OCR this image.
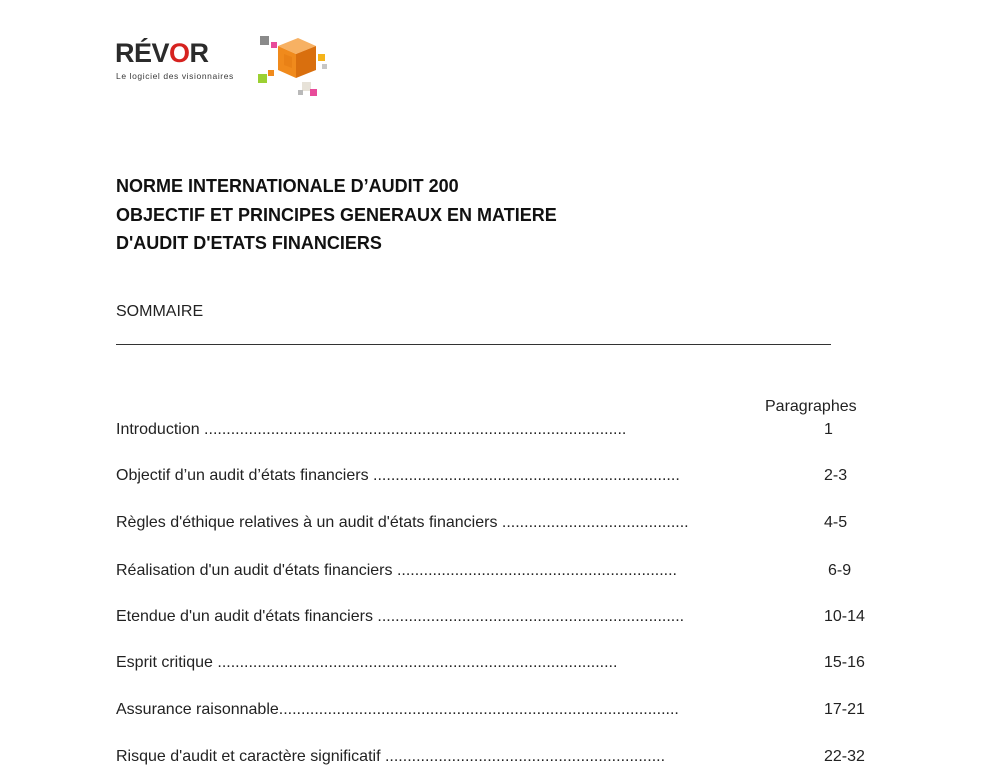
RÉVOR
Le logiciel des visionnaires
NORME INTERNATIONALE D’AUDIT 200
OBJECTIF ET PRINCIPES GENERAUX EN MATIERE
D'AUDIT D'ETATS FINANCIERS
SOMMAIRE
Paragraphes
Introduction ...............................................................................................	1
Objectif d’un audit d’états financiers .....................................................................	2-3
Règles d'éthique relatives à un audit d'états financiers ..........................................	4-5
Réalisation d'un audit d'états financiers ...............................................................	6-9
Etendue d'un audit d'états financiers .....................................................................	10-14
Esprit critique ..........................................................................................	15-16
Assurance raisonnable..........................................................................................	17-21
Risque d'audit et caractère significatif ...............................................................	22-32
